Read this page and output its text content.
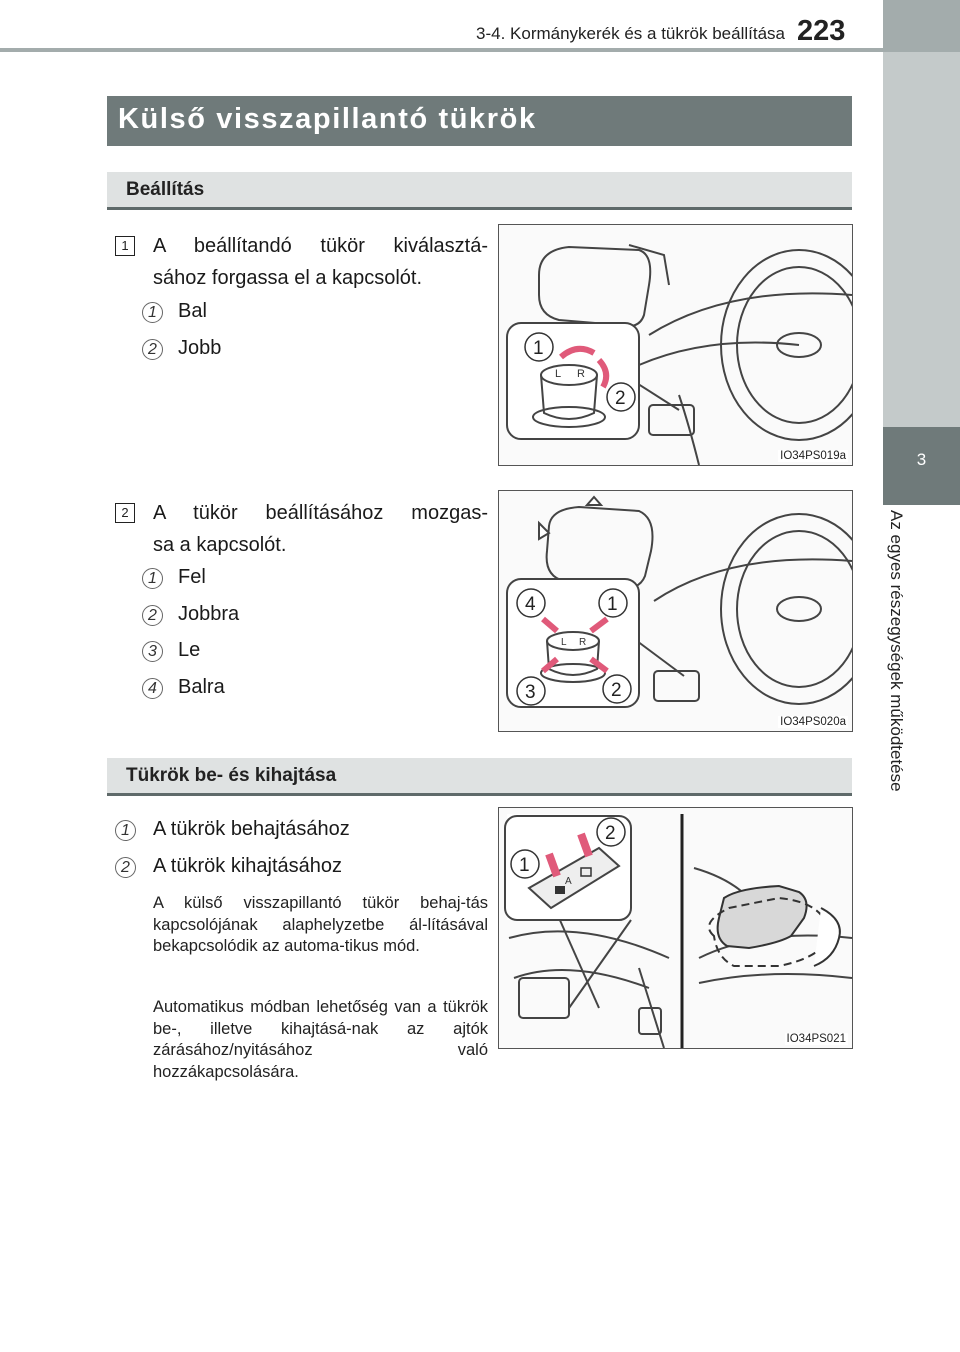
3-4. Kormánykerék és a tükrök beállítása 223
3
Az egyes részegységek működtetése
Külső visszapillantó tükrök
Beállítás
1	A beállítandó tükör kiválasztá-
sához forgassa el a kapcsolót.
1	Bal
2	Jobb
L R
1
2
IO34PS019a
2	A tükör beállításához mozgas-
sa a kapcsolót.
1	Fel
2	Jobbra
3	Le
4	Balra
L R
4	1
3	2
IO34PS020a
Tükrök be- és kihajtása
1	A tükrök behajtásához
2	A tükrök kihajtásához
A külső visszapillantó tükör behaj-tás kapcsolójának alaphelyzetbe ál-lításával bekapcsolódik az automa-tikus mód.
Automatikus módban lehetőség van a tükrök be-, illetve kihajtásá-nak az ajtók zárásához/nyitásához való hozzákapcsolására.
A
1
2
IO34PS021
